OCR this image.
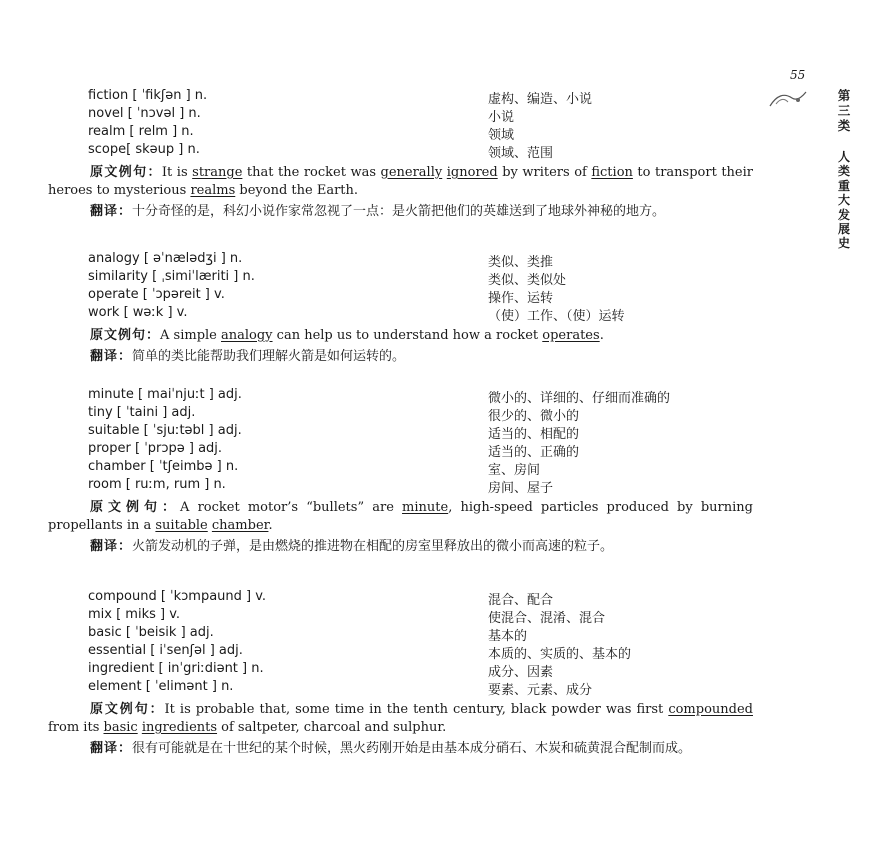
55
第三类
人类重大发展史
fiction [ ˈfikʃən ] n.	虚构、编造、小说
novel [ ˈnɔvəl ] n.	小说
realm [ relm ] n.	领域
scope[ skəup ] n.	领域、范围

原文例句：It is strange that the rocket was generally ignored by writers of fiction to transport their heroes to mysterious realms beyond the Earth.

翻译：十分奇怪的是，科幻小说作家常忽视了一点：是火箭把他们的英雄送到了地球外神秘的地方。

analogy [ əˈnælədʒi ] n.	类似、类推
similarity [ ˌsimiˈlæriti ] n.	类似、类似处
operate [ ˈɔpəreit ] v.	操作、运转
work [ wəːk ] v.	（使）工作、（使）运转

原文例句：A simple analogy can help us to understand how a rocket operates.

翻译：简单的类比能帮助我们理解火箭是如何运转的。

minute [ maiˈnjuːt ] adj.	微小的、详细的、仔细而准确的
tiny [ ˈtaini ] adj.	很少的、微小的
suitable [ ˈsjuːtəbl ] adj.	适当的、相配的
proper [ ˈprɔpə ] adj.	适当的、正确的
chamber [ ˈtʃeimbə ] n.	室、房间
room [ ruːm, rum ] n.	房间、屋子

原文例句：A rocket motor’s “bullets” are minute, high-speed particles produced by burning propellants in a suitable chamber.

翻译：火箭发动机的子弹，是由燃烧的推进物在相配的房室里释放出的微小而高速的粒子。

compound [ ˈkɔmpaund ] v.	混合、配合
mix [ miks ] v.	使混合、混淆、混合
basic [ ˈbeisik ] adj.	基本的
essential [ iˈsenʃəl ] adj.	本质的、实质的、基本的
ingredient [ inˈgriːdiənt ] n.	成分、因素
element [ ˈelimənt ] n.	要素、元素、成分

原文例句：It is probable that, some time in the tenth century, black powder was first compounded from its basic ingredients of saltpeter, charcoal and sulphur.

翻译：很有可能就是在十世纪的某个时候，黑火药刚开始是由基本成分硝石、木炭和硫黄混合配制而成。
